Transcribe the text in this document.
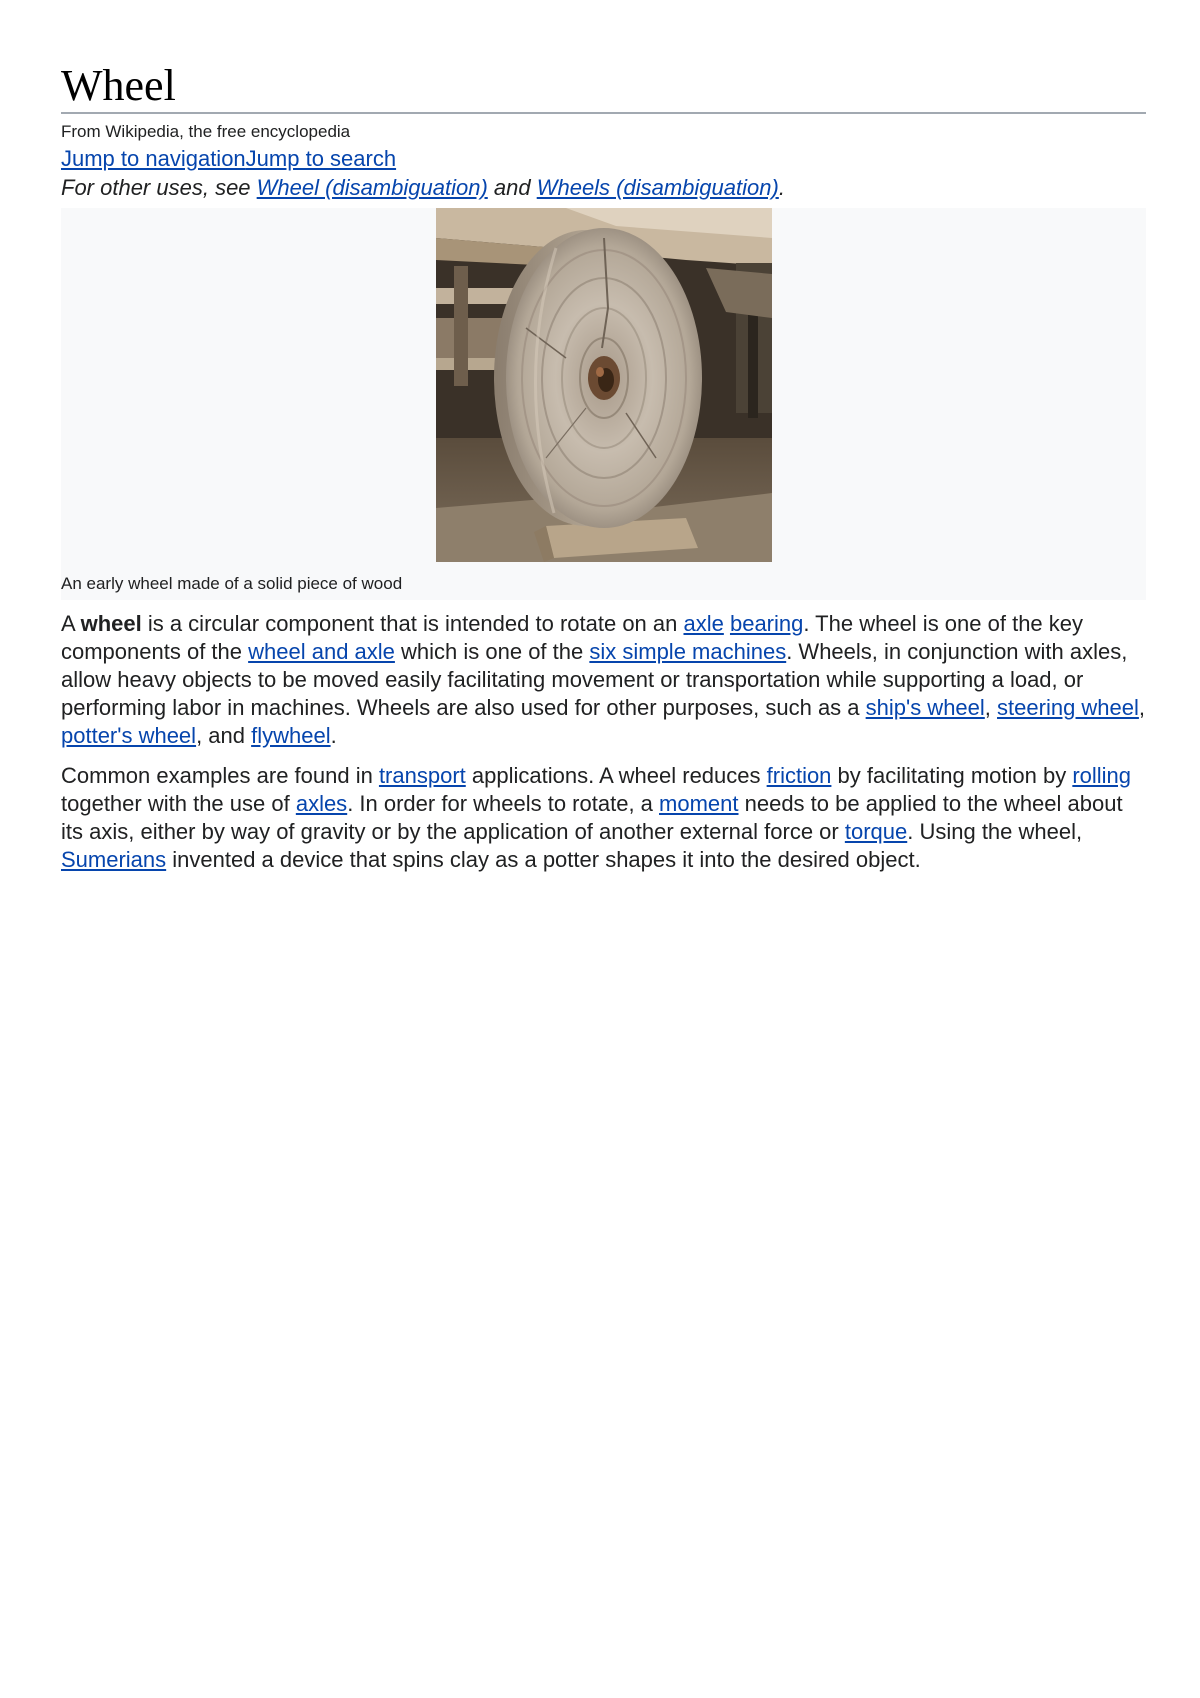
Wheel
From Wikipedia, the free encyclopedia
Jump to navigationJump to search
For other uses, see Wheel (disambiguation) and Wheels (disambiguation).
An early wheel made of a solid piece of wood

A wheel is a circular component that is intended to rotate on an axle bearing. The wheel is one of the key components of the wheel and axle which is one of the six simple machines. Wheels, in conjunction with axles, allow heavy objects to be moved easily facilitating movement or transportation while supporting a load, or performing labor in machines. Wheels are also used for other purposes, such as a ship's wheel, steering wheel, potter's wheel, and flywheel.

Common examples are found in transport applications. A wheel reduces friction by facilitating motion by rolling together with the use of axles. In order for wheels to rotate, a moment needs to be applied to the wheel about its axis, either by way of gravity or by the application of another external force or torque. Using the wheel, Sumerians invented a device that spins clay as a potter shapes it into the desired object.
